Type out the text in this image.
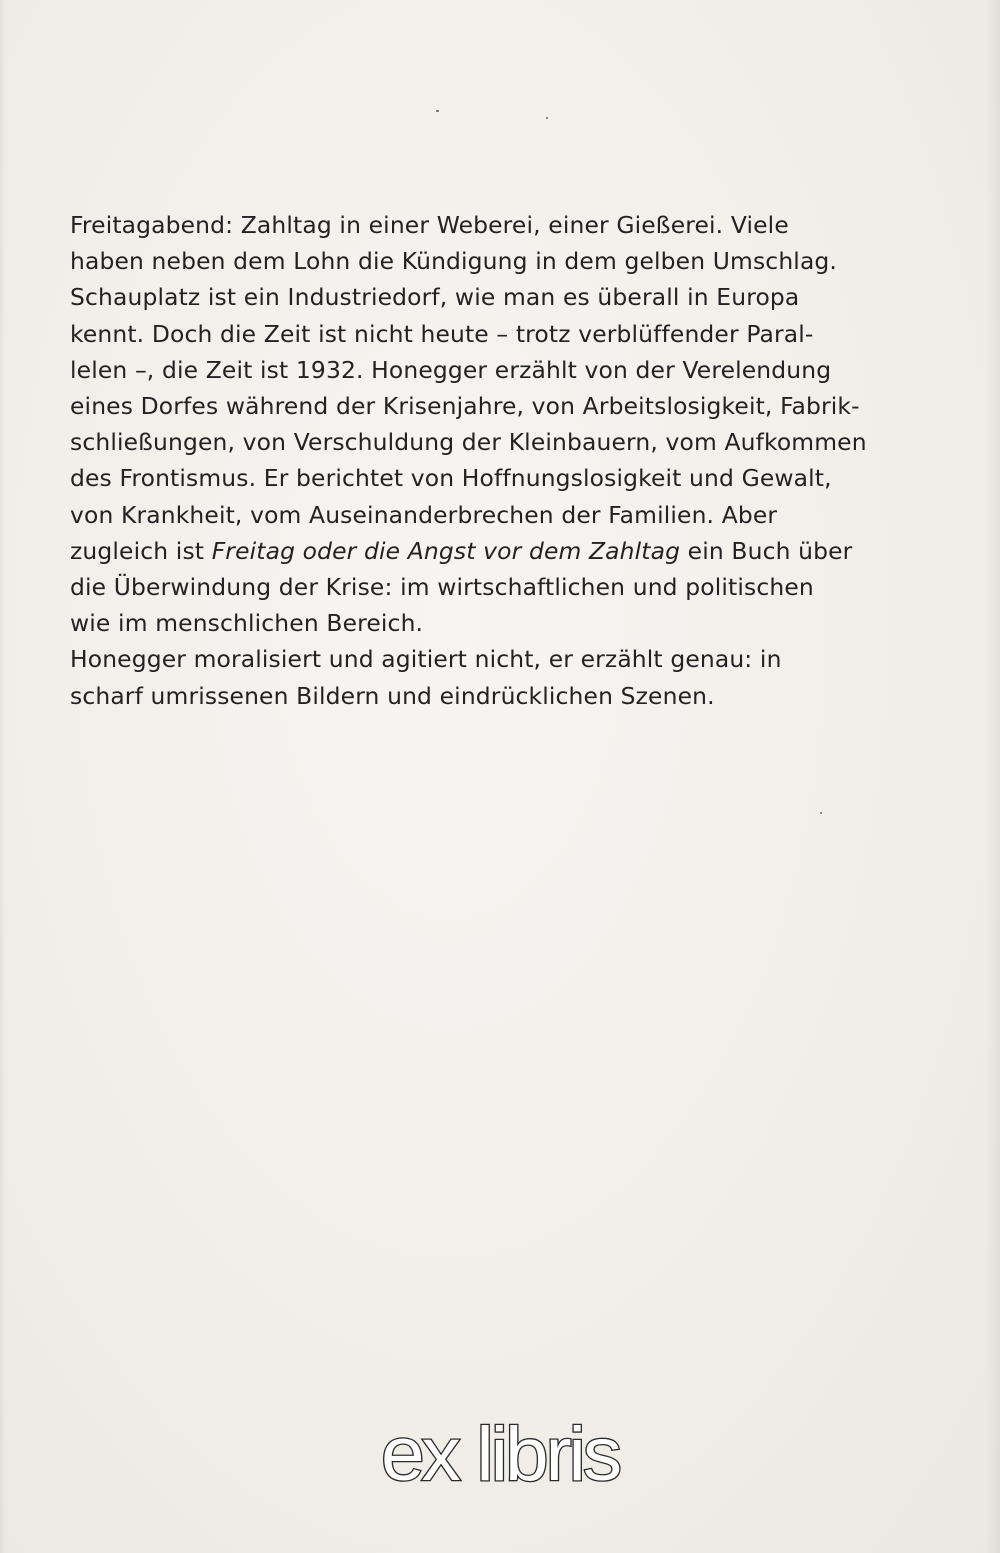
Freitagabend: Zahltag in einer Weberei, einer Gießerei. Viele
haben neben dem Lohn die Kündigung in dem gelben Umschlag.
Schauplatz ist ein Industriedorf, wie man es überall in Europa
kennt. Doch die Zeit ist nicht heute – trotz verblüffender Paral-
lelen –, die Zeit ist 1932. Honegger erzählt von der Verelendung
eines Dorfes während der Krisenjahre, von Arbeitslosigkeit, Fabrik-
schließungen, von Verschuldung der Kleinbauern, vom Aufkommen
des Frontismus. Er berichtet von Hoffnungslosigkeit und Gewalt,
von Krankheit, vom Auseinanderbrechen der Familien. Aber
zugleich ist Freitag oder die Angst vor dem Zahltag ein Buch über
die Überwindung der Krise: im wirtschaftlichen und politischen
wie im menschlichen Bereich.
Honegger moralisiert und agitiert nicht, er erzählt genau: in
scharf umrissenen Bildern und eindrücklichen Szenen.
ex libris
